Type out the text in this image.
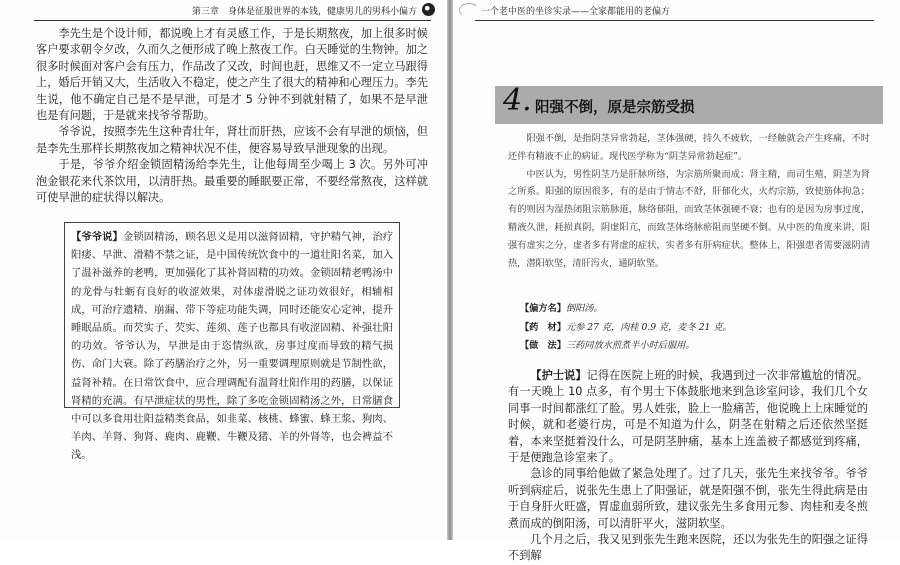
第三章　身体是征服世界的本钱，健康男儿的男科小偏方

李先生是个设计师，都说晚上才有灵感工作，于是长期熬夜，加上很多时候客户要求朝令夕改，久而久之便形成了晚上熬夜工作。白天睡觉的生物钟。加之很多时候面对客户会有压力，作品改了又改，时间也赶，思维又不一定立马跟得上，婚后开销又大，生活收入不稳定，使之产生了很大的精神和心理压力。李先生说，他不确定自己是不是早泄，可是才 5 分钟不到就射精了，如果不是早泄也是有问题，于是就来找爷爷帮助。

爷爷说，按照李先生这种青壮年，肾壮而肝热，应该不会有早泄的烦恼，但是李先生那样长期熬夜加之精神状况不佳，便容易导致早泄现象的出现。

于是，爷爷介绍金锁固精汤给李先生，让他每周至少喝上 3 次。另外可冲泡金银花来代茶饮用，以清肝热。最重要的睡眠要正常，不要经常熬夜，这样就可使早泄的症状得以解决。

【爷爷说】金锁固精汤，顾名思义是用以滋肾固精，守护精气神，治疗阳痿、早泄、滑精不禁之证，是中国传统饮食中的一道壮阳名菜，加入了温补滋养的老鸭，更加强化了其补肾固精的功效。金锁固精老鸭汤中的龙骨与牡蛎有良好的收涩效果，对体虚滑脱之证功效很好，相辅相成，可治疗遗精、崩漏、带下等症功能失调，同时还能安心定神，提升睡眠品质。而芡实子、芡实、莲须、莲子也都具有收涩固精、补强壮阳的功效。爷爷认为，早泄是由于恣情纵欲，房事过度而导致的精气损伤、命门大衰。除了药膳治疗之外，另一重要调理原则就是节制性欲，益肾补精。在日常饮食中，应合理调配有温肾壮阳作用的药膳，以保证肾精的充满。有早泄症状的男性，除了多吃金锁固精汤之外，日常膳食中可以多食用壮阳益精类食品，如韭菜、核桃、蜂蜜、蜂王浆、狗肉、羊肉、羊肾、狗肾、鹿肉、鹿鞭、牛鞭及猪、羊的外肾等，也会裨益不浅。

一个老中医的坐诊实录——全家都能用的老偏方
4. 阳强不倒，原是宗筋受损

阳强不倒，是指阴茎异常勃起，茎体强硬，持久不疲软，一经触就会产生疼痛，不时还伴有精液不止的病证。现代医学称为“阴茎异常勃起症”。

中医认为，男性阴茎乃是肝脉所络，为宗筋所聚而成；肾主精，而司生殖，阴茎为肾之所系。阳强的原因很多，有的是由于情志不舒，肝郁化火，火灼宗筋，致使筋体拘急；有的则因为湿热闭阻宗筋脉道，脉络郁阻，而致茎体强硬不衰；也有的是因为房事过度，精液久泄，耗损真阴，阴虚阳亢，而致茎体络脉瘀阻而坚硬不倒。从中医的角度来讲，阳强有虚实之分，虚者多有肾虚的症状，实者多有肝病症状。整体上，阳强患者需要滋阴清热，潜阳软坚，清肝泻火，通阴软坚。

【偏方名】倒阳汤。
【药　材】元参 27 克，肉桂 0.9 克，麦冬 21 克。
【做　法】三药同放水煎煮半小时后服用。

【护士说】记得在医院上班的时候，我遇到过一次非常尴尬的情况。有一天晚上 10 点多，有个男士下体鼓胀地来到急诊室问诊，我们几个女同事一时间都涨红了脸。男人姓张，脸上一脸痛苦，他说晚上上床睡觉的时候，就和老婆行房，可是不知道为什么，阴茎在射精之后还依然坚挺着，本来坚挺着没什么，可是阴茎肿痛，基本上连盖被子都感觉到疼痛，于是便跑急诊室来了。

急诊的同事给他做了紧急处理了。过了几天，张先生来找爷爷。爷爷听到病症后，说张先生患上了阳强证，就是阳强不倒，张先生得此病是由于自身肝火旺盛，胃虚血弱所致，建议张先生多食用元参、肉桂和麦冬煎煮而成的倒阳汤，可以清肝平火，滋阴软坚。

几个月之后，我又见到张先生跑来医院，还以为张先生的阳强之证得不到解
